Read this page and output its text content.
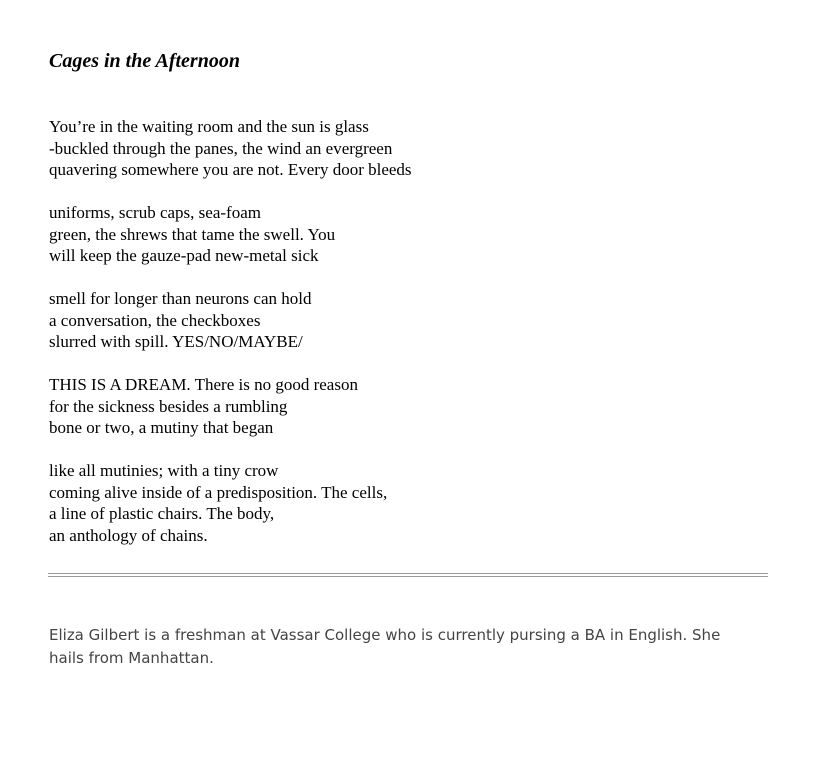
Cages in the Afternoon

You’re in the waiting room and the sun is glass
-buckled through the panes, the wind an evergreen
quavering somewhere you are not. Every door bleeds

uniforms, scrub caps, sea-foam
green, the shrews that tame the swell. You
will keep the gauze-pad new-metal sick

smell for longer than neurons can hold
a conversation, the checkboxes
slurred with spill. YES/NO/MAYBE/

THIS IS A DREAM. There is no good reason
for the sickness besides a rumbling
bone or two, a mutiny that began

like all mutinies; with a tiny crow
coming alive inside of a predisposition. The cells,
a line of plastic chairs. The body,
an anthology of chains.

Eliza Gilbert is a freshman at Vassar College who is currently pursing a BA in English. She hails from Manhattan.
